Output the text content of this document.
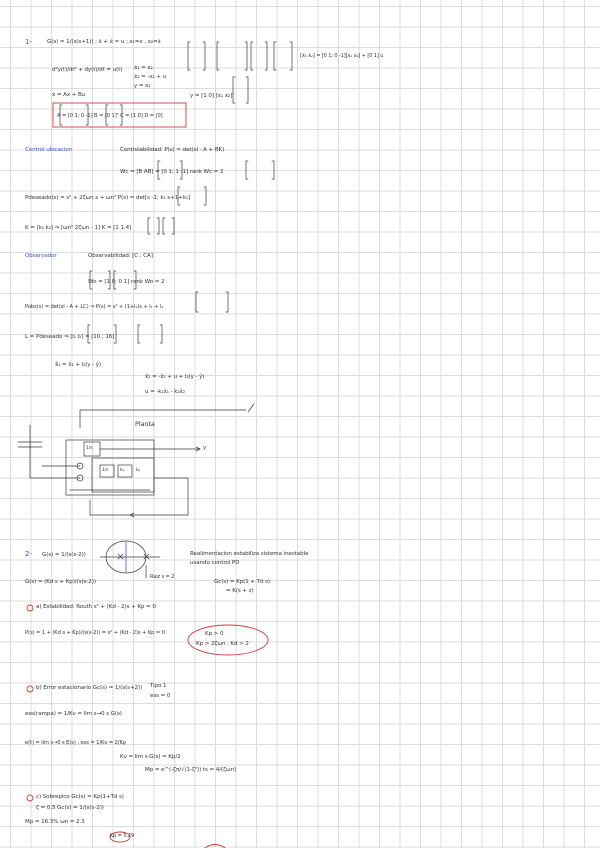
1-	G(s) = 1/(s(s+1)) ; ẍ + ẋ = u ; x₁=x , x₂=ẋ
[ẋ₁ ẋ₂] = [0 1; 0 -1][x₁ x₂] + [0 1] u
d²y(t)/dt² + dy(t)/dt = u(t) ẋ₁ = x₂
ẋ₂ = -x₂ + u
y = x₁
ẋ = Ax + Bu	y = [1 0] [x₁ x₂]ᵀ
A = [0 1; 0 -1] B = [0 1]ᵀ C = [1 0] D = [0]
Control ubicacion	Controlabilidad: P(s) = det(sI - A + BK)
Wc = [B AB] = [0 1; 1 -1] rank Wc = 2
Pdeseado(s) = s² + 2ζωn s + ωn² P(s) = det[s -1; k₁ s+1+k₂]
K = [k₁ k₂] ⇒ [ωn² 2ζωn - 1] K = [1 1.4]
Observador	Observabilidad: [C ; CA]
Wo = [1 0; 0 1] rank Wo = 2
Pobs(s) = det(sI - A + LC) ⇒ P(s) = s² + (1+l₁)s + l₁ + l₂
L = Pdeseado ⇒ [l₁ l₂] = [10 ; 16]
ẋ̂₁ = x̂₂ + l₁(y - ŷ)
ẋ̂₂ = -x̂₂ + u + l₂(y - ŷ)
u = -k₁x̂₁ - k₂x̂₂
Planta
1/s
1/s	k₁	k₂
y
2- G(s) = 1/(s(s-2))	Realimentacion estabiliza sistema inestable
usando control PD
G(s) = (Kd s + Kp)/(s(s-2))	Gc(s) = Kp(1 + Td s)
= K(s + z)
a) Estabilidad: Routh s² + (Kd - 2)s + Kp = 0
P(s) = 1 + (Kd s + Kp)/(s(s-2)) = s² + (Kd - 2)s + Kp = 0	Kp > 0
Kp > 2ζωn , Kd > 2
b) Error estacionario Gc(s) = 1/(s(s+2)) Tipo 1
ess = 0
ess(rampa) = 1/Kv = lim s→0 s G(s)
e(t) = lim s→0 s E(s) : ess = 1/Kv = 2/Kp
Kv = lim s·G(s) = Kp/2
Mp = e^(-ζπ/√(1-ζ²)) ts = 4/(ζωn)
c) Sobrepico Gc(s) = Kp(1+Td s)
ζ = 0.5 Gc(s) = 1/(s(s-2))
Mp = 16.3% ωn = 2.3
Kp = 5.29
Raiz s = 2
